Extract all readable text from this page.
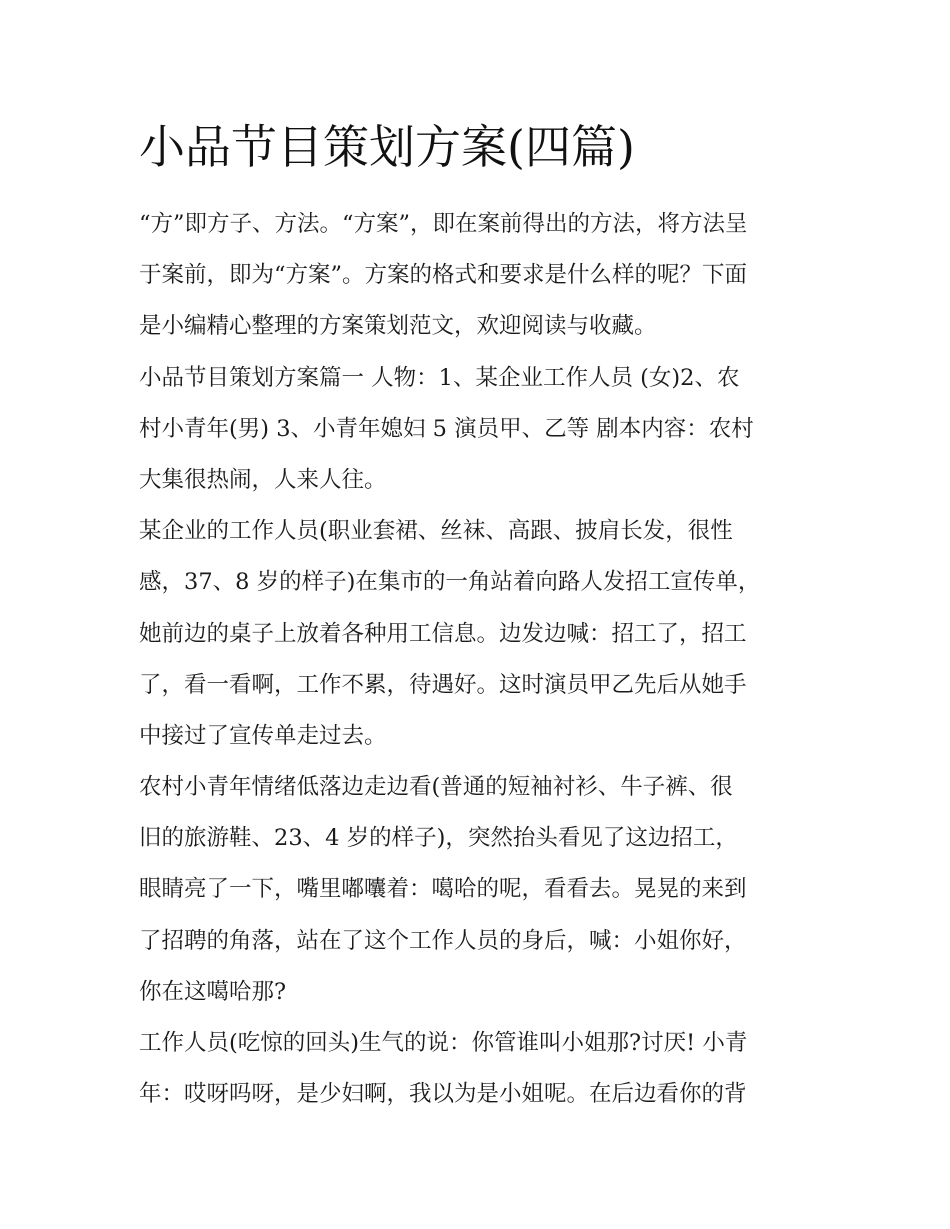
小品节目策划方案(四篇)
“方”即方子、方法。“方案”，即在案前得出的方法，将方法呈
于案前，即为“方案”。方案的格式和要求是什么样的呢？下面
是小编精心整理的方案策划范文，欢迎阅读与收藏。
小品节目策划方案篇一 人物：1、某企业工作人员 (女)2、农
村小青年(男) 3、小青年媳妇 5 演员甲、乙等 剧本内容：农村
大集很热闹，人来人往。
某企业的工作人员(职业套裙、丝袜、高跟、披肩长发，很性
感，37、8 岁的样子)在集市的一角站着向路人发招工宣传单，
她前边的桌子上放着各种用工信息。边发边喊：招工了，招工
了，看一看啊，工作不累，待遇好。这时演员甲乙先后从她手
中接过了宣传单走过去。
农村小青年情绪低落边走边看(普通的短袖衬衫、牛子裤、很
旧的旅游鞋、23、4 岁的样子)，突然抬头看见了这边招工，
眼睛亮了一下，嘴里嘟囔着：噶哈的呢，看看去。晃晃的来到
了招聘的角落，站在了这个工作人员的身后，喊：小姐你好，
你在这噶哈那?
工作人员(吃惊的回头)生气的说：你管谁叫小姐那?讨厌! 小青
年：哎呀吗呀，是少妇啊，我以为是小姐呢。在后边看你的背
